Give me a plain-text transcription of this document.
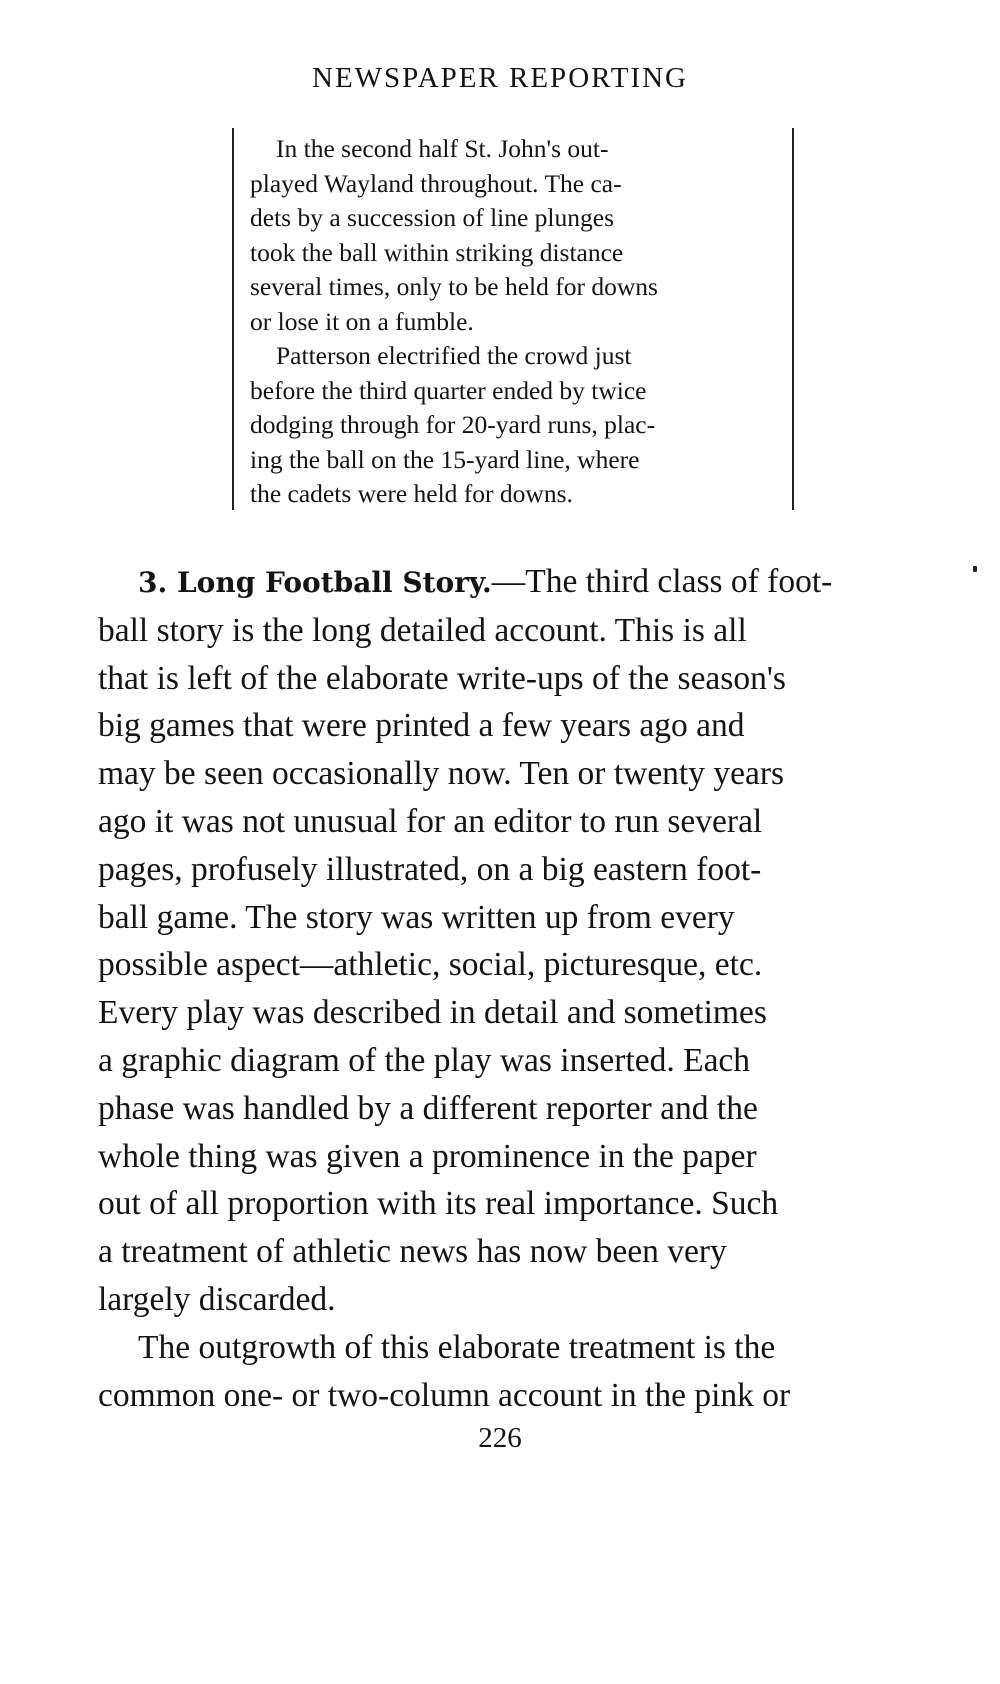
NEWSPAPER REPORTING

In the second half St. John's out-
played Wayland throughout. The ca-
dets by a succession of line plunges
took the ball within striking distance
several times, only to be held for downs
or lose it on a fumble.

Patterson electrified the crowd just
before the third quarter ended by twice
dodging through for 20-yard runs, plac-
ing the ball on the 15-yard line, where
the cadets were held for downs.

3. Long Football Story.—The third class of foot-
ball story is the long detailed account. This is all
that is left of the elaborate write-ups of the season's
big games that were printed a few years ago and
may be seen occasionally now. Ten or twenty years
ago it was not unusual for an editor to run several
pages, profusely illustrated, on a big eastern foot-
ball game. The story was written up from every
possible aspect—athletic, social, picturesque, etc.
Every play was described in detail and sometimes
a graphic diagram of the play was inserted. Each
phase was handled by a different reporter and the
whole thing was given a prominence in the paper
out of all proportion with its real importance. Such
a treatment of athletic news has now been very
largely discarded.

The outgrowth of this elaborate treatment is the
common one- or two-column account in the pink or

226
